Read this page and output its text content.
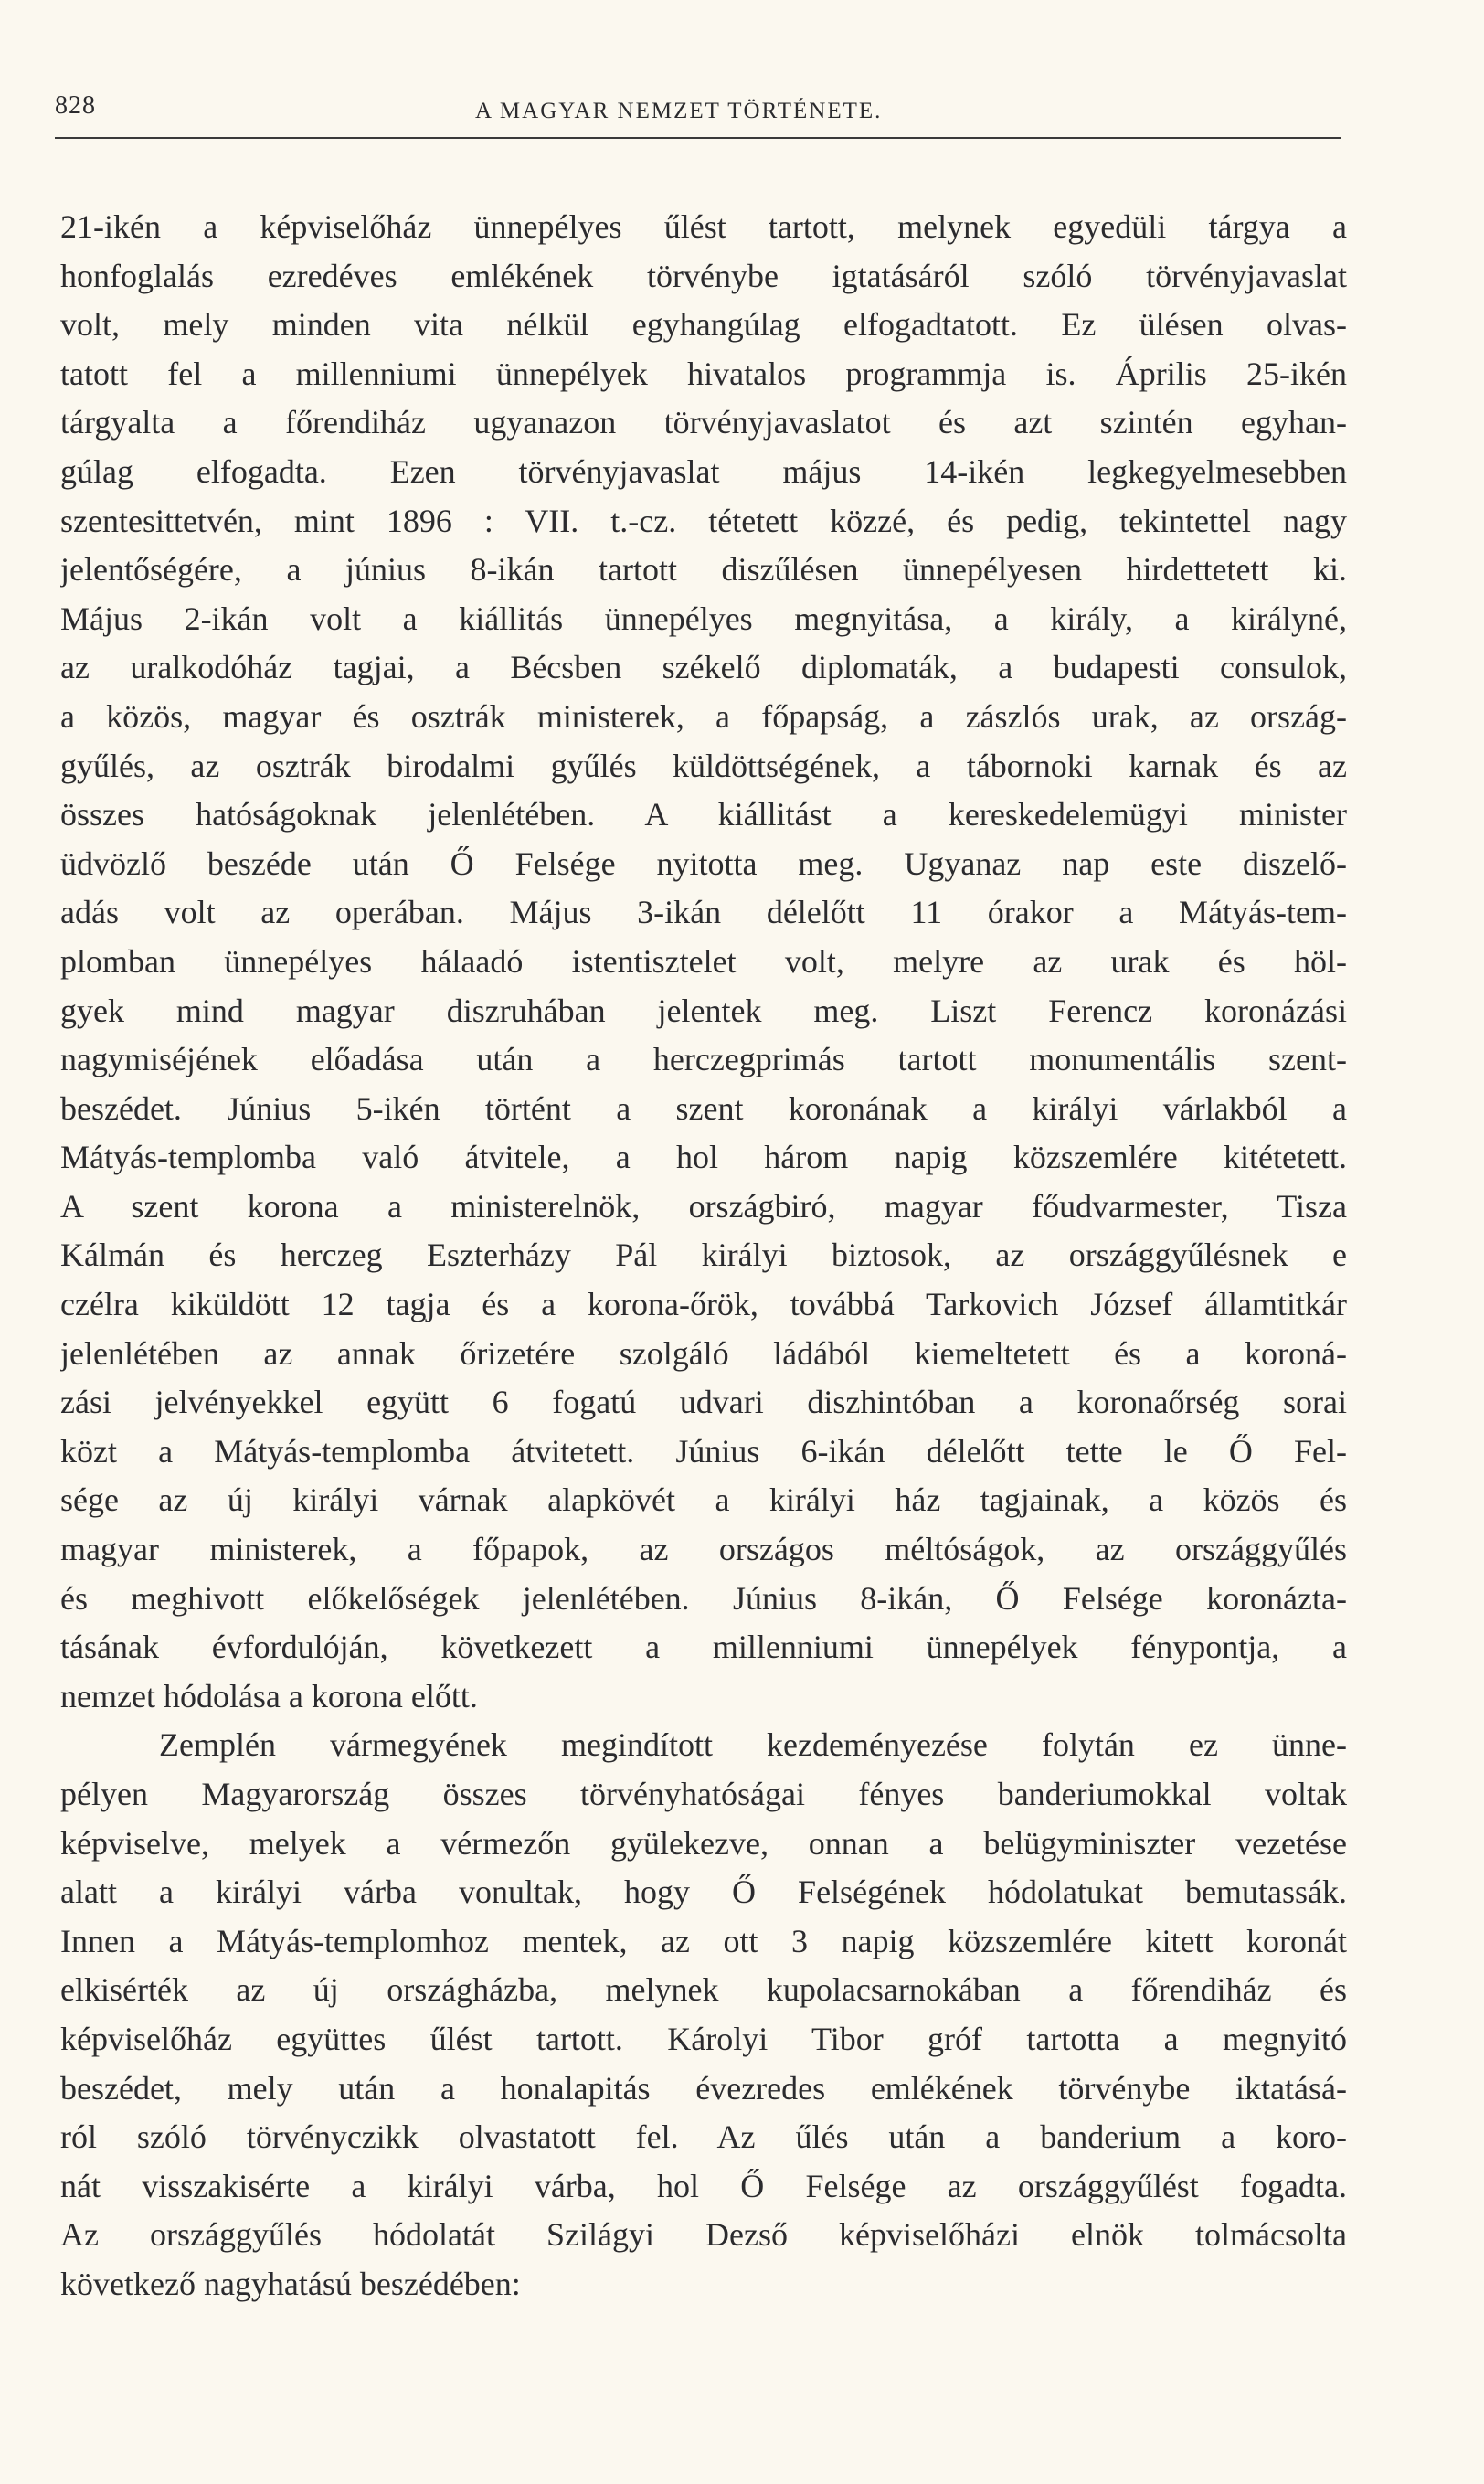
828	A MAGYAR NEMZET TÖRTÉNETE.
21-ikén a képviselőház ünnepélyes űlést tartott, melynek egyedüli tárgya a
honfoglalás ezredéves emlékének törvénybe igtatásáról szóló törvényjavaslat
volt, mely minden vita nélkül egyhangúlag elfogadtatott. Ez ülésen olvas-
tatott fel a millenniumi ünnepélyek hivatalos programmja is. Április 25-ikén
tárgyalta a főrendiház ugyanazon törvényjavaslatot és azt szintén egyhan-
gúlag elfogadta. Ezen törvényjavaslat május 14-ikén legkegyelmesebben
szentesittetvén, mint 1896 : VII. t.-cz. tétetett közzé, és pedig, tekintettel nagy
jelentőségére, a június 8-ikán tartott diszűlésen ünnepélyesen hirdettetett ki.
Május 2-ikán volt a kiállitás ünnepélyes megnyitása, a király, a királyné,
az uralkodóház tagjai, a Bécsben székelő diplomaták, a budapesti consulok,
a közös, magyar és osztrák ministerek, a főpapság, a zászlós urak, az ország-
gyűlés, az osztrák birodalmi gyűlés küldöttségének, a tábornoki karnak és az
összes hatóságoknak jelenlétében. A kiállitást a kereskedelemügyi minister
üdvözlő beszéde után Ő Felsége nyitotta meg. Ugyanaz nap este diszelő-
adás volt az operában. Május 3-ikán délelőtt 11 órakor a Mátyás-tem-
plomban ünnepélyes hálaadó istentisztelet volt, melyre az urak és höl-
gyek mind magyar diszruhában jelentek meg. Liszt Ferencz koronázási
nagymiséjének előadása után a herczegprimás tartott monumentális szent-
beszédet. Június 5-ikén történt a szent koronának a királyi várlakból a
Mátyás-templomba való átvitele, a hol három napig közszemlére kitétetett.
A szent korona a ministerelnök, országbiró, magyar főudvarmester, Tisza
Kálmán és herczeg Eszterházy Pál királyi biztosok, az országgyűlésnek e
czélra kiküldött 12 tagja és a korona-őrök, továbbá Tarkovich József államtitkár
jelenlétében az annak őrizetére szolgáló ládából kiemeltetett és a koroná-
zási jelvényekkel együtt 6 fogatú udvari diszhintóban a koronaőrség sorai
közt a Mátyás-templomba átvitetett. Június 6-ikán délelőtt tette le Ő Fel-
sége az új királyi várnak alapkövét a királyi ház tagjainak, a közös és
magyar ministerek, a főpapok, az országos méltóságok, az országgyűlés
és meghivott előkelőségek jelenlétében. Június 8-ikán, Ő Felsége koronázta-
tásának évfordulóján, következett a millenniumi ünnepélyek fénypontja, a
nemzet hódolása a korona előtt.
Zemplén vármegyének megindított kezdeményezése folytán ez ünne-
pélyen Magyarország összes törvényhatóságai fényes banderiumokkal voltak
képviselve, melyek a vérmezőn gyülekezve, onnan a belügyminiszter vezetése
alatt a királyi várba vonultak, hogy Ő Felségének hódolatukat bemutassák.
Innen a Mátyás-templomhoz mentek, az ott 3 napig közszemlére kitett koronát
elkisérték az új országházba, melynek kupolacsarnokában a főrendiház és
képviselőház együttes űlést tartott. Károlyi Tibor gróf tartotta a megnyitó
beszédet, mely után a honalapitás évezredes emlékének törvénybe iktatásá-
ról szóló törvényczikk olvastatott fel. Az űlés után a banderium a koro-
nát visszakisérte a királyi várba, hol Ő Felsége az országgyűlést fogadta.
Az országgyűlés hódolatát Szilágyi Dezső képviselőházi elnök tolmácsolta
következő nagyhatású beszédében:
